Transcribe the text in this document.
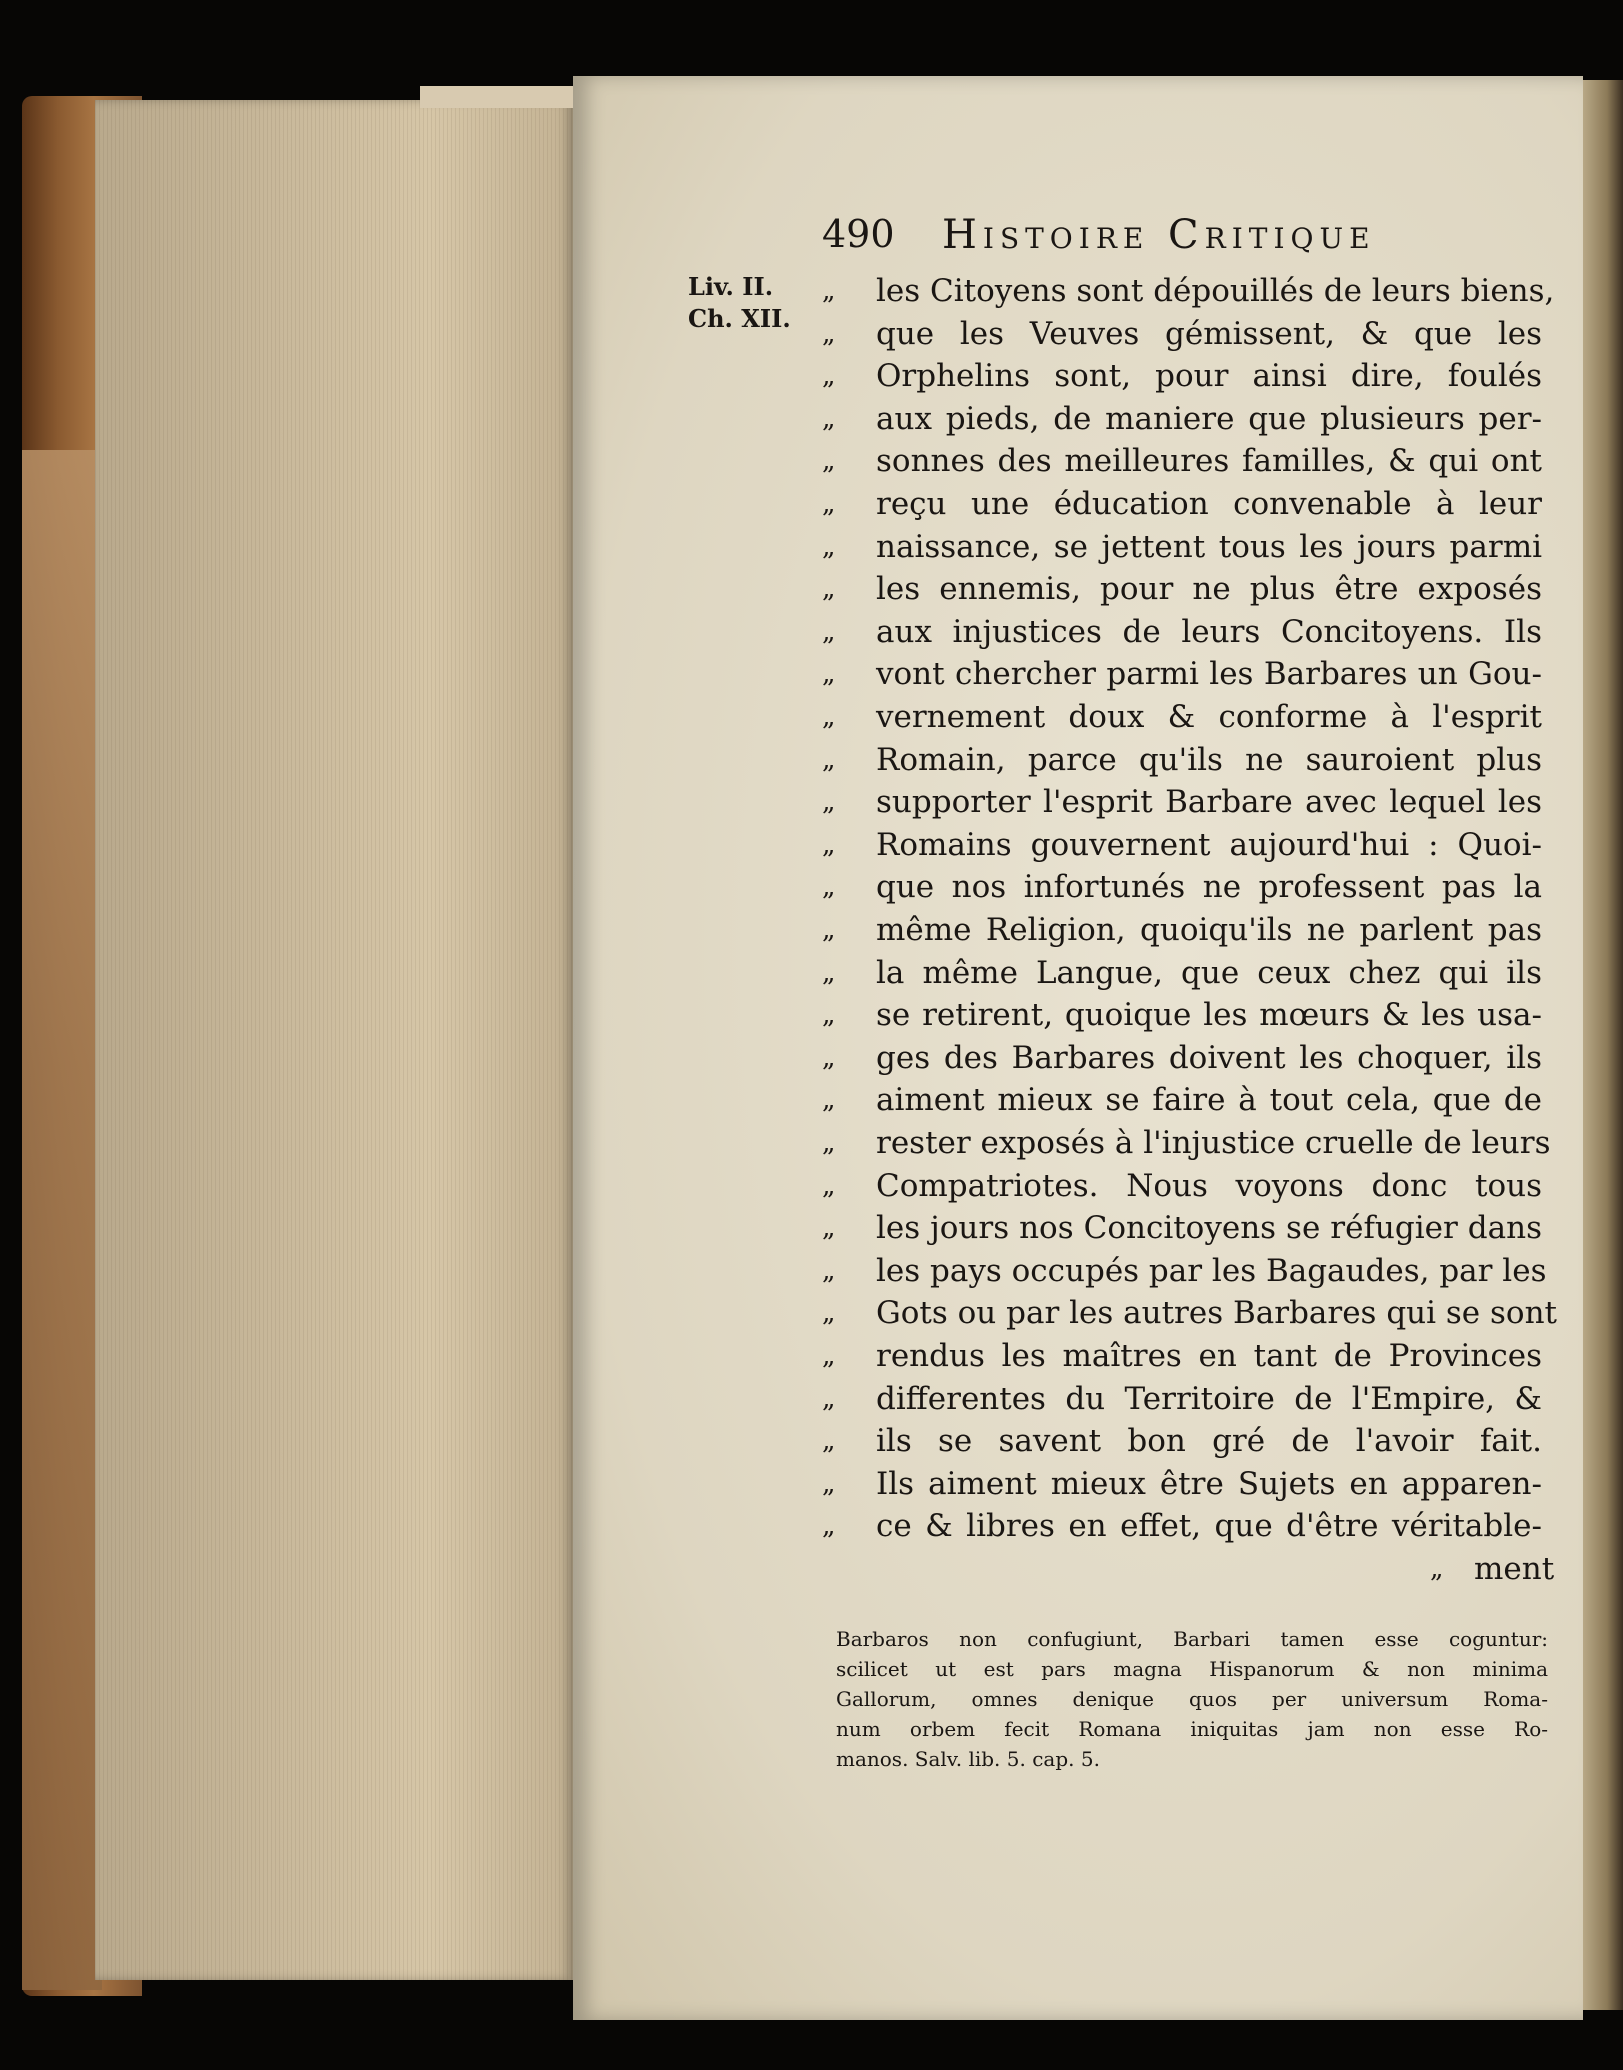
490 Histoire Critique
Liv. II.
Ch. XII.
„ les Citoyens sont dépouillés de leurs biens,
„ que les Veuves gémissent, & que les
„ Orphelins sont, pour ainsi dire, foulés
„ aux pieds, de maniere que plusieurs per-
„ sonnes des meilleures familles, & qui ont
„ reçu une éducation convenable à leur
„ naissance, se jettent tous les jours parmi
„ les ennemis, pour ne plus être exposés
„ aux injustices de leurs Concitoyens. Ils
„ vont chercher parmi les Barbares un Gou-
„ vernement doux & conforme à l'esprit
„ Romain, parce qu'ils ne sauroient plus
„ supporter l'esprit Barbare avec lequel les
„ Romains gouvernent aujourd'hui : Quoi-
„ que nos infortunés ne professent pas la
„ même Religion, quoiqu'ils ne parlent pas
„ la même Langue, que ceux chez qui ils
„ se retirent, quoique les mœurs & les usa-
„ ges des Barbares doivent les choquer, ils
„ aiment mieux se faire à tout cela, que de
„ rester exposés à l'injustice cruelle de leurs
„ Compatriotes. Nous voyons donc tous
„ les jours nos Concitoyens se réfugier dans
„ les pays occupés par les Bagaudes, par les
„ Gots ou par les autres Barbares qui se sont
„ rendus les maîtres en tant de Provinces
„ differentes du Territoire de l'Empire, &
„ ils se savent bon gré de l'avoir fait.
„ Ils aiment mieux être Sujets en apparen-
„ ce & libres en effet, que d'être véritable-
„ ment
Barbaros non confugiunt, Barbari tamen esse coguntur:
scilicet ut est pars magna Hispanorum & non minima
Gallorum, omnes denique quos per universum Roma-
num orbem fecit Romana iniquitas jam non esse Ro-
manos. Salv. lib. 5. cap. 5.
